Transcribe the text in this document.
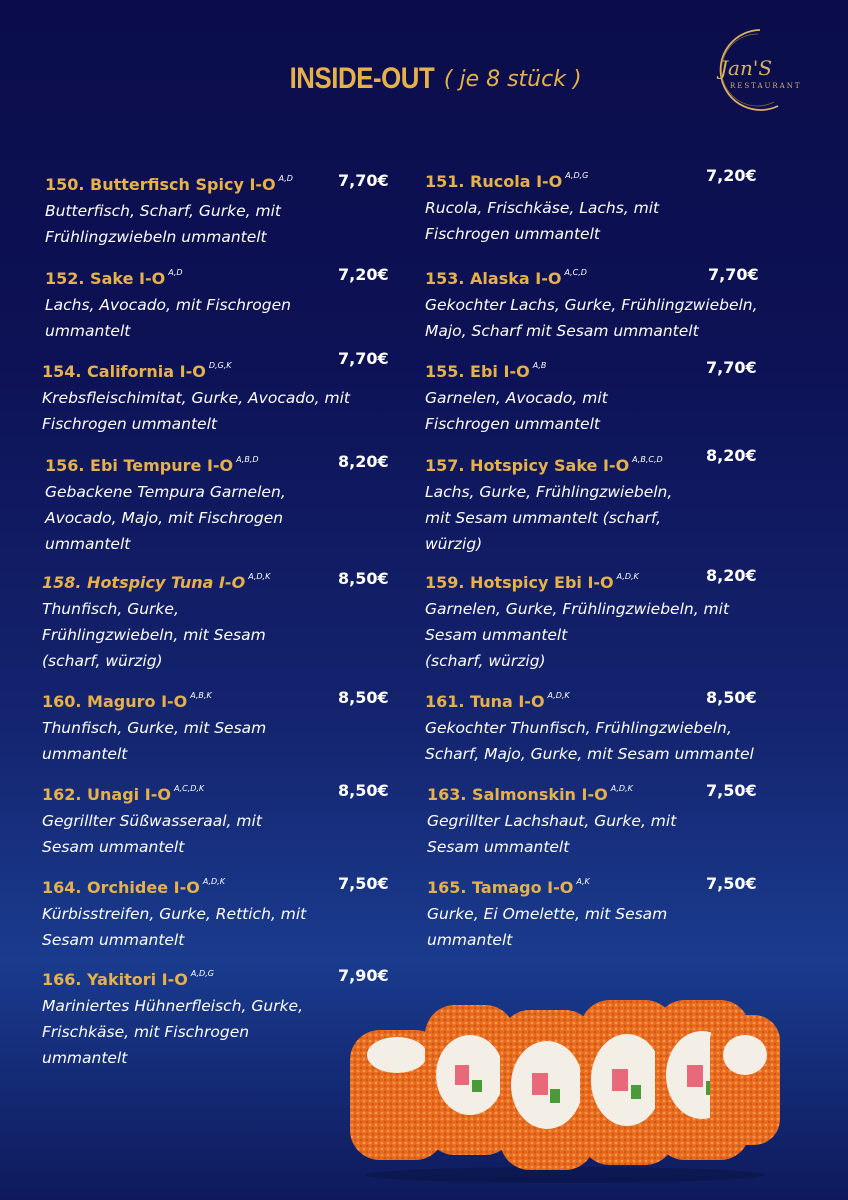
INSIDE-OUT ( je 8 stück )	Jan'S
RESTAURANT
150. Butterfisch Spicy I-O $^{A,D}$
Butterfisch, Scharf, Gurke, mit
Frühlingzwiebeln ummantelt
7,70€ 151. Rucola I-O $^{A,D,G}$
Rucola, Frischkäse, Lachs, mit
Fischrogen ummantelt
7,20€
152. Sake I-O $^{A,D}$
Lachs, Avocado, mit Fischrogen
ummantelt
7,20€ 153. Alaska I-O $^{A,C,D}$
Gekochter Lachs, Gurke, Frühlingzwiebeln,
Majo, Scharf mit Sesam ummantelt
7,70€
154. California I-O $^{D,G,K}$
Krebsfleischimitat, Gurke, Avocado, mit
Fischrogen ummantelt
7,70€
155. Ebi I-O $^{A,B}$
Garnelen, Avocado, mit
Fischrogen ummantelt
7,70€
156. Ebi Tempure I-O $^{A,B,D}$
Gebackene Tempura Garnelen,
Avocado, Majo, mit Fischrogen
ummantelt
8,20€ 157. Hotspicy Sake I-O $^{A,B,C,D}$
Lachs, Gurke, Frühlingzwiebeln,
mit Sesam ummantelt (scharf,
würzig)
8,20€
158. Hotspicy Tuna I-O $^{A,D,K}$
Thunfisch, Gurke,
Frühlingzwiebeln, mit Sesam
(scharf, würzig)
8,50€ 159. Hotspicy Ebi I-O $^{A,D,K}$
Garnelen, Gurke, Frühlingzwiebeln, mit
Sesam ummantelt
(scharf, würzig)
8,20€
160. Maguro I-O $^{A,B,K}$
Thunfisch, Gurke, mit Sesam
ummantelt
8,50€ 161. Tuna I-O $^{A,D,K}$
Gekochter Thunfisch, Frühlingzwiebeln,
Scharf, Majo, Gurke, mit Sesam ummantel
8,50€
162. Unagi I-O $^{A,C,D,K}$
Gegrillter Süßwasseraal, mit
Sesam ummantelt
8,50€ 163. Salmonskin I-O $^{A,D,K}$
Gegrillter Lachshaut, Gurke, mit
Sesam ummantelt
7,50€
164. Orchidee I-O $^{A,D,K}$
Kürbisstreifen, Gurke, Rettich, mit
Sesam ummantelt
7,50€ 165. Tamago I-O $^{A,K}$
Gurke, Ei Omelette, mit Sesam
ummantelt
7,50€
166. Yakitori I-O $^{A,D,G}$
Mariniertes Hühnerfleisch, Gurke,
Frischkäse, mit Fischrogen
ummantelt
7,90€
